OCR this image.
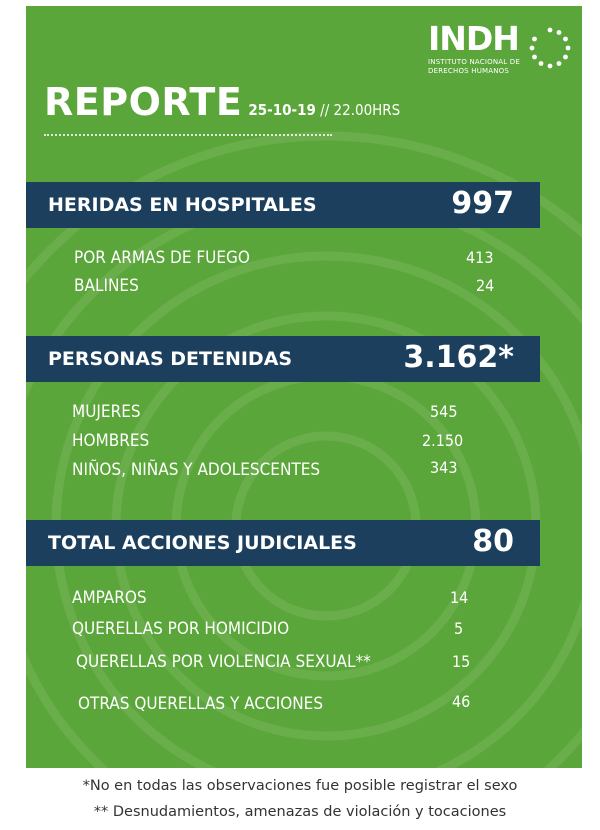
INDH
INSTITUTO NACIONAL DE
DERECHOS HUMANOS
REPORTE 25-10-19 // 22.00HRS
HERIDAS EN HOSPITALES	997
POR ARMAS DE FUEGO	413
BALINES	24
PERSONAS DETENIDAS	3.162*
MUJERES	545
HOMBRES	2.150
NIÑOS, NIÑAS Y ADOLESCENTES	343
TOTAL ACCIONES JUDICIALES	80
AMPAROS	14
QUERELLAS POR HOMICIDIO	5
QUERELLAS POR VIOLENCIA SEXUAL**	15
OTRAS QUERELLAS Y ACCIONES	46
*No en todas las observaciones fue posible registrar el sexo
** Desnudamientos, amenazas de violación y tocaciones
